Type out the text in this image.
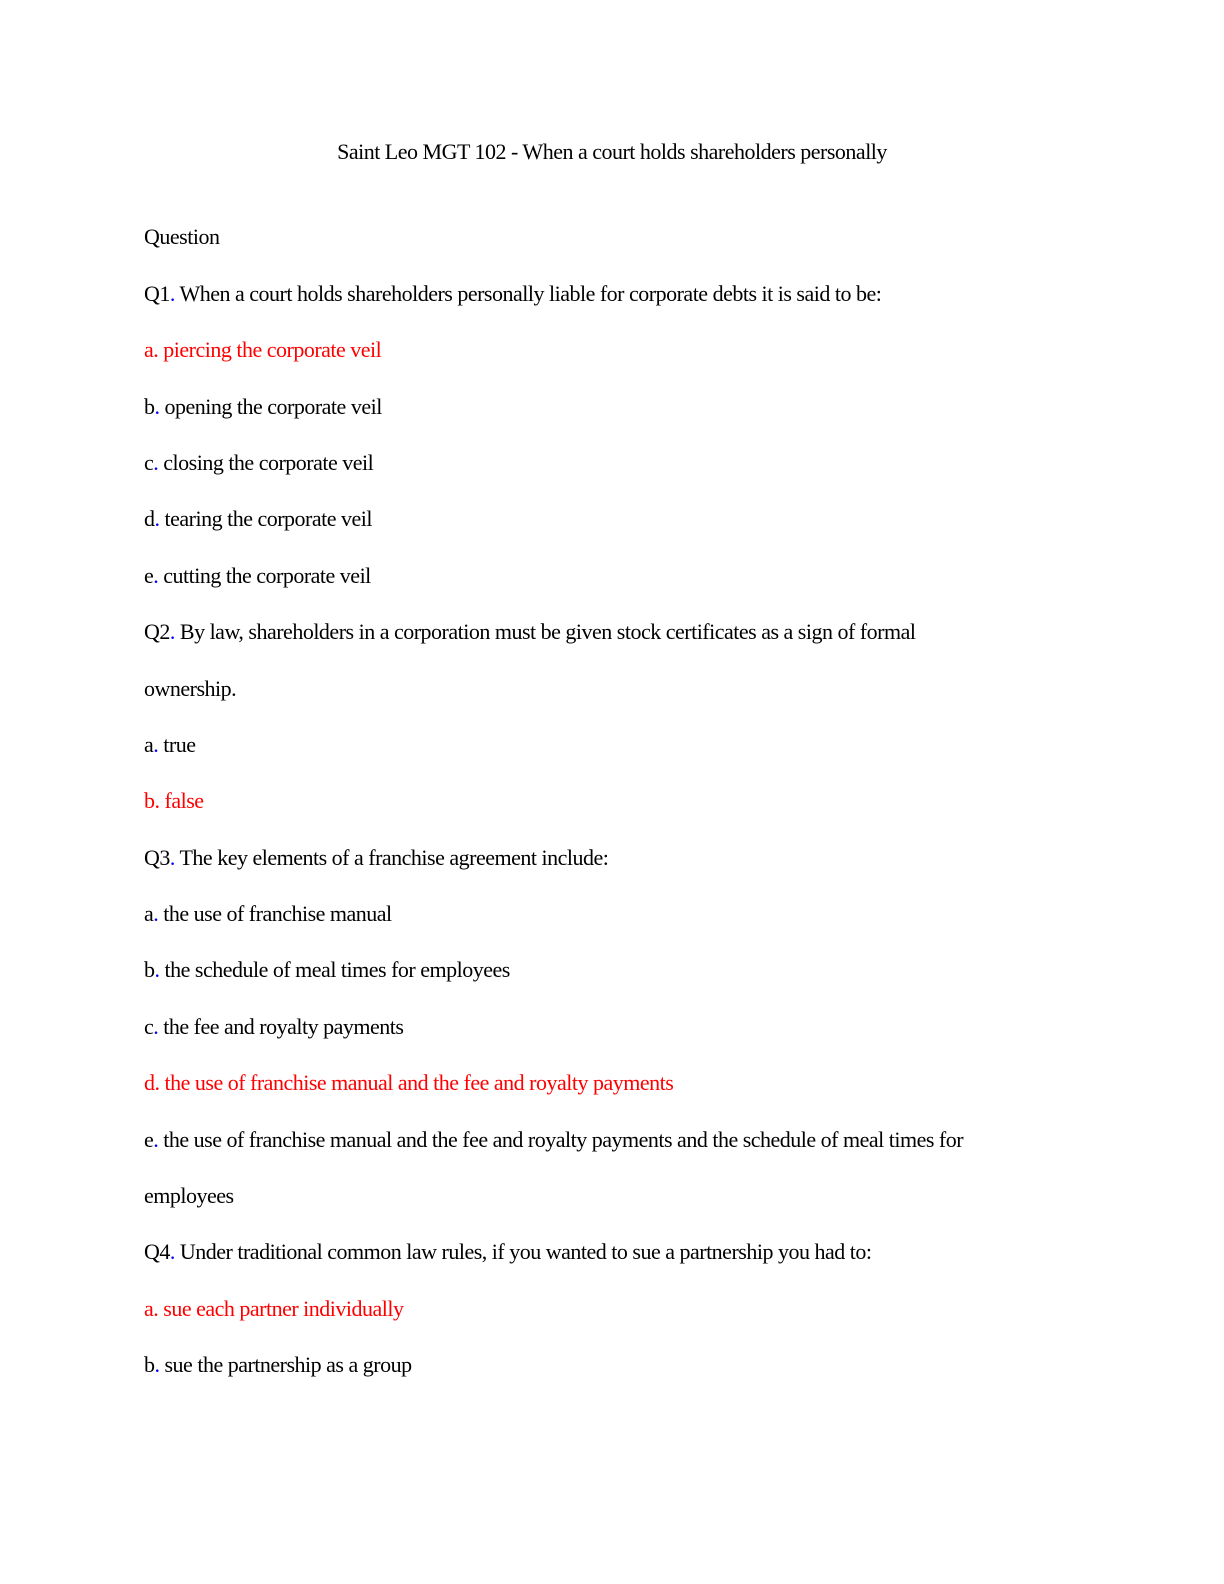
Saint Leo MGT 102 - When a court holds shareholders personally
Question
Q1. When a court holds shareholders personally liable for corporate debts it is said to be:
a. piercing the corporate veil
b. opening the corporate veil
c. closing the corporate veil
d. tearing the corporate veil
e. cutting the corporate veil
Q2. By law, shareholders in a corporation must be given stock certificates as a sign of formal
ownership.
a. true
b. false
Q3. The key elements of a franchise agreement include:
a. the use of franchise manual
b. the schedule of meal times for employees
c. the fee and royalty payments
d. the use of franchise manual and the fee and royalty payments
e. the use of franchise manual and the fee and royalty payments and the schedule of meal times for
employees
Q4. Under traditional common law rules, if you wanted to sue a partnership you had to:
a. sue each partner individually
b. sue the partnership as a group
